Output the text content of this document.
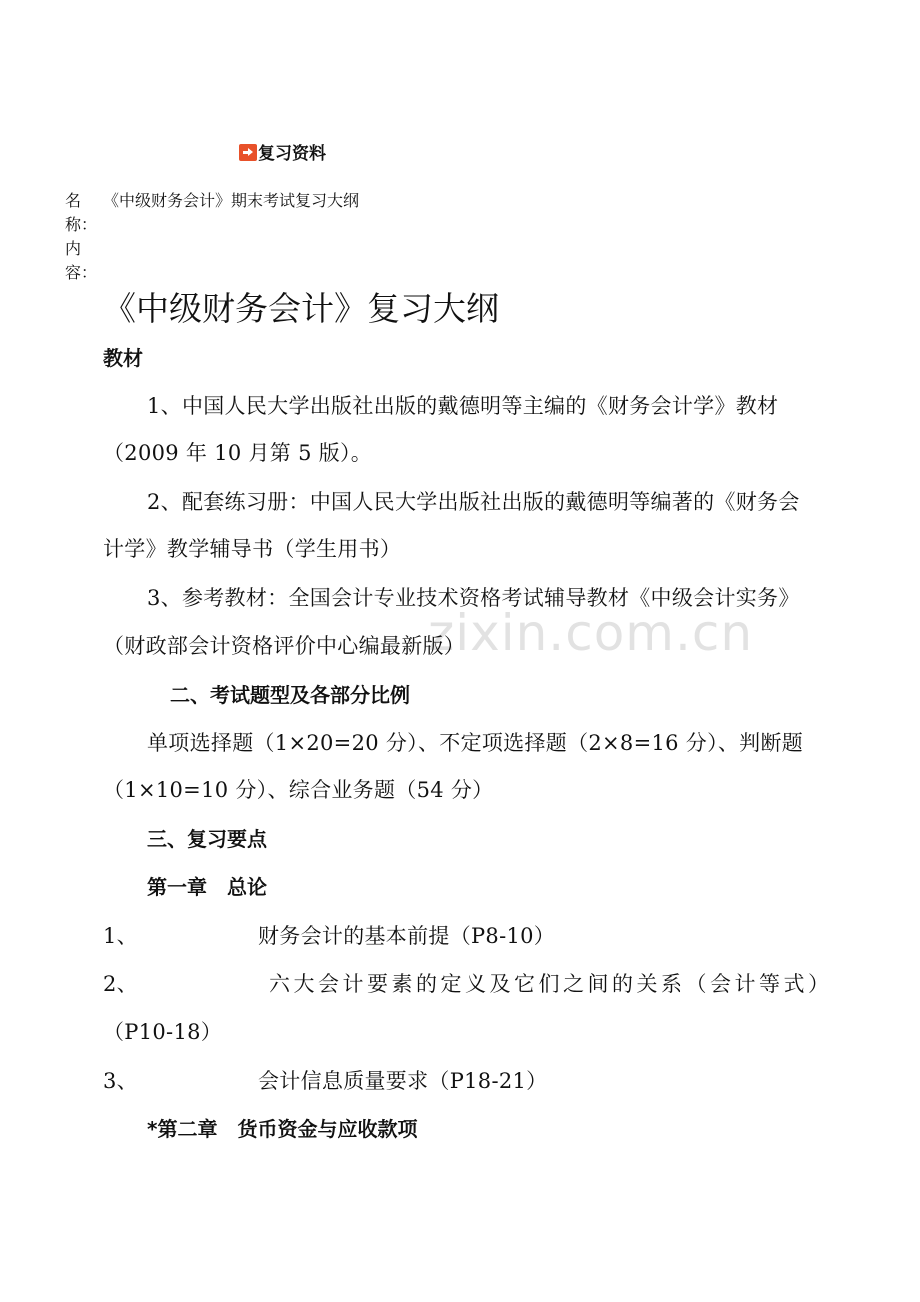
zixin.com.cn
复习资料
名
称：
《中级财务会计》期末考试复习大纲
内
容：
《中级财务会计》复习大纲
教材
1、中国人民大学出版社出版的戴德明等主编的《财务会计学》教材
（2009 年 10 月第 5 版）。
2、配套练习册：中国人民大学出版社出版的戴德明等编著的《财务会
计学》教学辅导书（学生用书）
3、参考教材：全国会计专业技术资格考试辅导教材《中级会计实务》
（财政部会计资格评价中心编最新版）
二、考试题型及各部分比例
单项选择题（1×20=20 分）、不定项选择题（2×8=16 分）、判断题
（1×10=10 分）、综合业务题（54 分）
三、复习要点
第一章　总论
1、	财务会计的基本前提（P8-10）
2、	六大会计要素的定义及它们之间的关系（会计等式）
（P10-18）
3、	会计信息质量要求（P18-21）
*第二章　货币资金与应收款项
